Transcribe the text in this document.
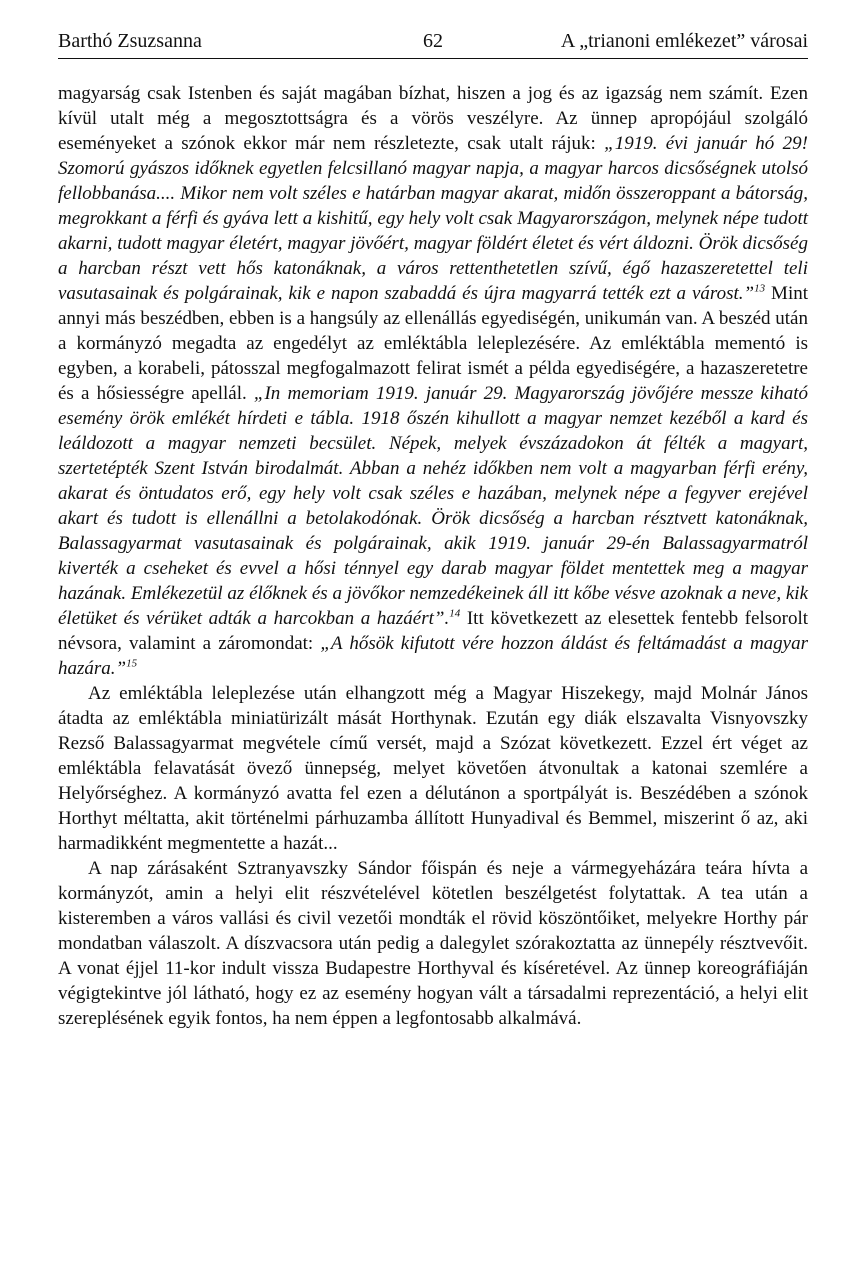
Barthó Zsuzsanna	62	A „trianoni emlékezet” városai

magyarság csak Istenben és saját magában bízhat, hiszen a jog és az igazság nem számít. Ezen kívül utalt még a megosztottságra és a vörös veszélyre. Az ünnep apropójául szolgáló eseményeket a szónok ekkor már nem részletezte, csak utalt rájuk: „1919. évi január hó 29! Szomorú gyászos időknek egyetlen felcsillanó magyar napja, a magyar harcos dicsőségnek utolsó fellobbanása.... Mikor nem volt széles e határban magyar akarat, midőn összeroppant a bátorság, megrokkant a férfi és gyáva lett a kishitű, egy hely volt csak Magyarországon, melynek népe tudott akarni, tudott magyar életért, magyar jövőért, magyar földért életet és vért áldozni. Örök dicsőség a harcban részt vett hős katonáknak, a város rettenthetetlen szívű, égő hazaszeretettel teli vasutasainak és polgárainak, kik e napon szabaddá és újra magyarrá tették ezt a várost.”$^{13}$ Mint annyi más beszédben, ebben is a hangsúly az ellenállás egyediségén, unikumán van. A beszéd után a kormányzó megadta az engedélyt az emléktábla leleplezésére. Az emléktábla mementó is egyben, a korabeli, pátosszal megfogalmazott felirat ismét a példa egyediségére, a hazaszeretetre és a hősiességre apellál. „In memoriam 1919. január 29. Magyarország jövőjére messze kiható esemény örök emlékét hírdeti e tábla. 1918 őszén kihullott a magyar nemzet kezéből a kard és leáldozott a magyar nemzeti becsület. Népek, melyek évszázadokon át félték a magyart, szertetépték Szent István birodalmát. Abban a nehéz időkben nem volt a magyarban férfi erény, akarat és öntudatos erő, egy hely volt csak széles e hazában, melynek népe a fegyver erejével akart és tudott is ellenállni a betolakodónak. Örök dicsőség a harcban résztvett katonáknak, Balassagyarmat vasutasainak és polgárainak, akik 1919. január 29-én Balassagyarmatról kiverték a cseheket és evvel a hősi ténnyel egy darab magyar földet mentettek meg a magyar hazának. Emlékezetül az élőknek és a jövőkor nemzedékeinek áll itt kőbe vésve azoknak a neve, kik életüket és vérüket adták a harcokban a hazáért”.$^{14}$ Itt következett az elesettek fentebb felsorolt névsora, valamint a záromondat: „A hősök kifutott vére hozzon áldást és feltámadást a magyar hazára.”$^{15}$

Az emléktábla leleplezése után elhangzott még a Magyar Hiszekegy, majd Molnár János átadta az emléktábla miniatürizált mását Horthynak. Ezután egy diák elszavalta Visnyovszky Rezső Balassagyarmat megvétele című versét, majd a Szózat következett. Ezzel ért véget az emléktábla felavatását övező ünnepség, melyet követően átvonultak a katonai szemlére a Helyőrséghez. A kormányzó avatta fel ezen a délutánon a sportpályát is. Beszédében a szónok Horthyt méltatta, akit történelmi párhuzamba állított Hunyadival és Bemmel, miszerint ő az, aki harmadikként megmentette a hazát...

A nap zárásaként Sztranyavszky Sándor főispán és neje a vármegyeházára teára hívta a kormányzót, amin a helyi elit részvételével kötetlen beszélgetést folytattak. A tea után a kisteremben a város vallási és civil vezetői mondták el rövid köszöntőiket, melyekre Horthy pár mondatban válaszolt. A díszvacsora után pedig a dalegylet szórakoztatta az ünnepély résztvevőit. A vonat éjjel 11-kor indult vissza Budapestre Horthyval és kíséretével. Az ünnep koreográfiáján végigtekintve jól látható, hogy ez az esemény hogyan vált a társadalmi reprezentáció, a helyi elit szereplésének egyik fontos, ha nem éppen a legfontosabb alkalmává.
